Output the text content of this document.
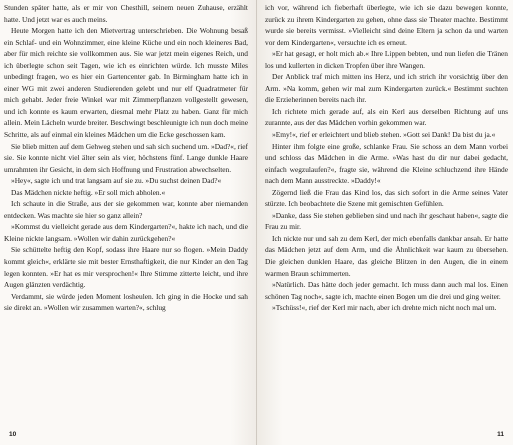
Stunden später hatte, als er mir von Chesthill, seinem neuen Zuhause, erzählt hatte. Und jetzt war es auch meins.

Heute Morgen hatte ich den Mietvertrag unterschrieben. Die Wohnung besaß ein Schlaf- und ein Wohnzimmer, eine kleine Küche und ein noch kleineres Bad, aber für mich reichte sie vollkommen aus. Sie war jetzt mein eigenes Reich, und ich überlegte schon seit Tagen, wie ich es einrichten würde. Ich musste Miles unbedingt fragen, wo es hier ein Gartencenter gab. In Birmingham hatte ich in einer WG mit zwei anderen Studierenden gelebt und nur elf Quadratmeter für mich gehabt. Jeder freie Winkel war mit Zimmerpflanzen vollgestellt gewesen, und ich konnte es kaum erwarten, diesmal mehr Platz zu haben. Ganz für mich allein. Mein Lächeln wurde breiter. Beschwingt beschleunigte ich nun doch meine Schritte, als auf einmal ein kleines Mädchen um die Ecke geschossen kam.

Sie blieb mitten auf dem Gehweg stehen und sah sich suchend um. »Dad?«, rief sie. Sie konnte nicht viel älter sein als vier, höchstens fünf. Lange dunkle Haare umrahmten ihr Gesicht, in dem sich Hoffnung und Frustration abwechselten.

»Hey«, sagte ich und trat langsam auf sie zu. »Du suchst deinen Dad?«

Das Mädchen nickte heftig. »Er soll mich abholen.«

Ich schaute in die Straße, aus der sie gekommen war, konnte aber niemanden entdecken. Was machte sie hier so ganz allein?

»Kommst du vielleicht gerade aus dem Kindergarten?«, hakte ich nach, und die Kleine nickte langsam. »Wollen wir dahin zurückgehen?«

Sie schüttelte heftig den Kopf, sodass ihre Haare nur so flogen. »Mein Daddy kommt gleich«, erklärte sie mit bester Ernsthaftigkeit, die nur Kinder an den Tag legen konnten. »Er hat es mir versprochen!« Ihre Stimme zitterte leicht, und ihre Augen glänzten verdächtig.

Verdammt, sie würde jeden Moment losheulen. Ich ging in die Hocke und sah sie direkt an. »Wollen wir zusammen warten?«, schlug

10

ich vor, während ich fieberhaft überlegte, wie ich sie dazu bewegen konnte, zurück zu ihrem Kindergarten zu gehen, ohne dass sie Theater machte. Bestimmt wurde sie bereits vermisst. »Vielleicht sind deine Eltern ja schon da und warten vor dem Kindergarten«, versuchte ich es erneut.

»Er hat gesagt, er holt mich ab.« Ihre Lippen bebten, und nun liefen die Tränen los und kullerten in dicken Tropfen über ihre Wangen.

Der Anblick traf mich mitten ins Herz, und ich strich ihr vorsichtig über den Arm. »Na komm, gehen wir mal zum Kindergarten zurück.« Bestimmt suchten die Erzieherinnen bereits nach ihr.

Ich richtete mich gerade auf, als ein Kerl aus derselben Richtung auf uns zurannte, aus der das Mädchen vorhin gekommen war.

»Emy!«, rief er erleichtert und blieb stehen. »Gott sei Dank! Da bist du ja.«

Hinter ihm folgte eine große, schlanke Frau. Sie schoss an dem Mann vorbei und schloss das Mädchen in die Arme. »Was hast du dir nur dabei gedacht, einfach wegzulaufen?«, fragte sie, während die Kleine schluchzend ihre Hände nach dem Mann ausstreckte. »Daddy!«

Zögernd ließ die Frau das Kind los, das sich sofort in die Arme seines Vater stürzte. Ich beobachtete die Szene mit gemischten Gefühlen.

»Danke, dass Sie stehen geblieben sind und nach ihr geschaut haben«, sagte die Frau zu mir.

Ich nickte nur und sah zu dem Kerl, der mich ebenfalls dankbar ansah. Er hatte das Mädchen jetzt auf dem Arm, und die Ähnlichkeit war kaum zu übersehen. Die gleichen dunklen Haare, das gleiche Blitzen in den Augen, die in einem warmen Braun schimmerten.

»Natürlich. Das hätte doch jeder gemacht. Ich muss dann auch mal los. Einen schönen Tag noch«, sagte ich, machte einen Bogen um die drei und ging weiter.

»Tschüss!«, rief der Kerl mir nach, aber ich drehte mich nicht noch mal um.

11
